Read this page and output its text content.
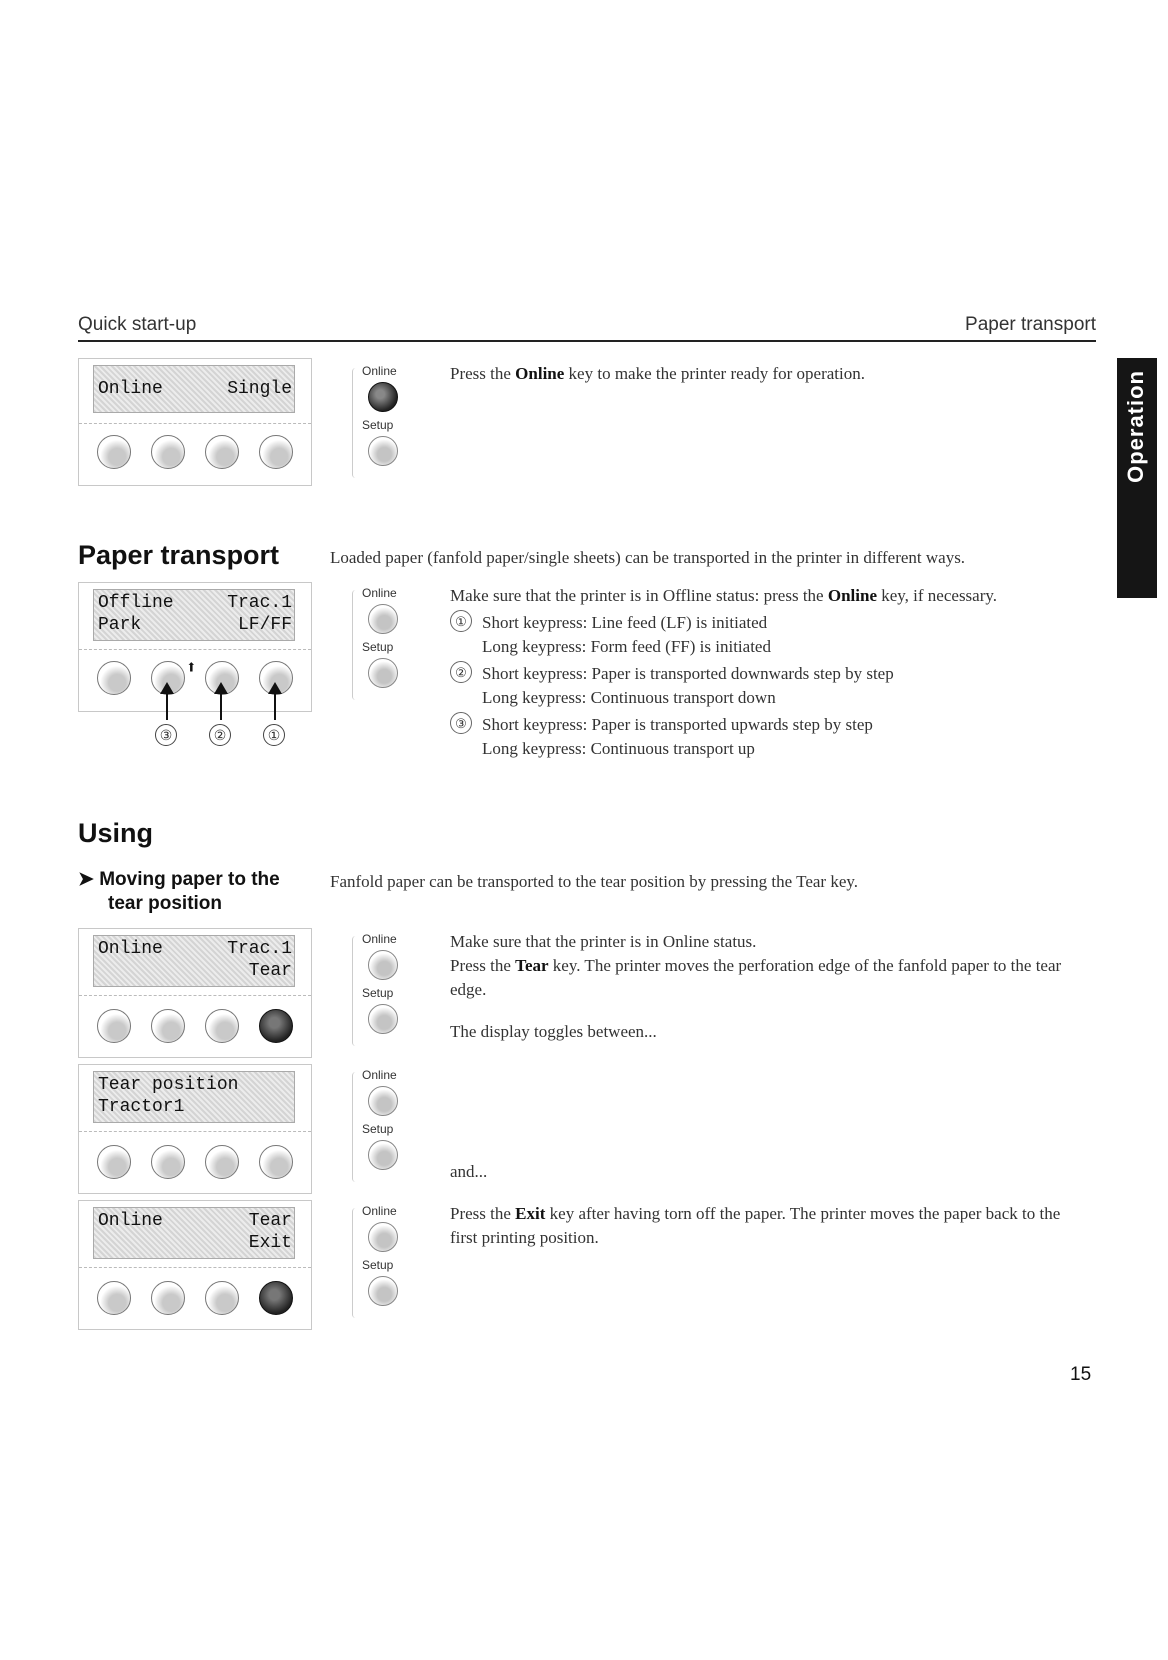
Quick start-up	Paper transport
Operation

Online

	Single

Online
Setup
Press the Online key to make the printer ready for operation.
Paper transport	Loaded paper (fanfold paper/single sheets) can be transported in the printer in different ways.

Offline

	Trac.1

Park

⬆

LF/FF

③	②	①
Online
Setup
Make sure that the printer is in Offline status: press the Online key, if necessary.
① Short keypress: Line feed (LF) is initiated
Long keypress: Form feed (FF) is initiated
② Short keypress: Paper is transported downwards step by step
Long keypress: Continuous transport down
③ Short keypress: Paper is transported upwards step by step
Long keypress: Continuous transport up
Using
➤ Moving paper to the
tear position
Fanfold paper can be transported to the tear position by pressing the Tear key.

Online

	Trac.1

Tear

Online
Setup
Make sure that the printer is in Online status.
Press the Tear key. The printer moves the perforation edge of the fanfold paper to the tear edge.
The display toggles between...

Tear position

Tractor1

Online
Setup
and...

Online

	Tear

Exit

Online
Setup
Press the Exit key after having torn off the paper. The printer moves the paper back to the first printing position.
15
